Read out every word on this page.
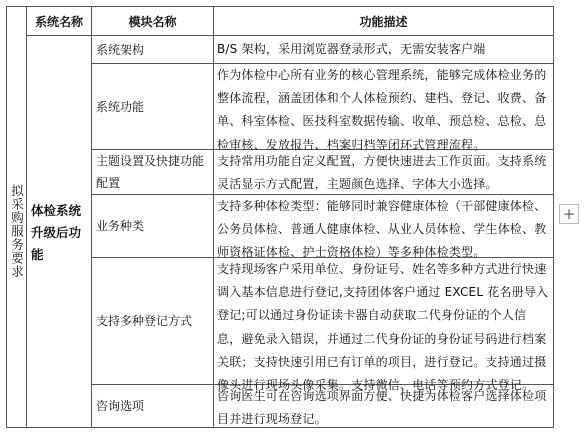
系统名称	模块名称	功能描述
拟采购服务要求 体检系统升级后功能
系统架构
系统功能
主题设置及快捷功能配置
业务种类
支持多种登记方式
咨询选项
B/S 架构，采用浏览器登录形式，无需安装客户端
作为体检中心所有业务的核心管理系统，能够完成体检业务的整体流程，涵盖团体和个人体检预约、建档、登记、收费、备单、科室体检、医技科室数据传输、收单、预总检、总检、总检审核、发放报告、档案归档等闭环式管理流程。
支持常用功能自定义配置，方便快速进去工作页面。支持系统灵活显示方式配置，主题颜色选择、字体大小选择。
支持多种体检类型：能够同时兼容健康体检（干部健康体检、公务员体检、普通人健康体检、从业人员体检、学生体检、教师资格证体检、护士资格体检）等多种体检类型。
支持现场客户采用单位、身份证号、姓名等多种方式进行快速调入基本信息进行登记,支持团体客户通过 EXCEL 花名册导入登记;可以通过身份证读卡器自动获取二代身份证的个人信息，避免录入错误，并通过二代身份证的身份证号码进行档案关联；支持快速引用已有订单的项目，进行登记。支持通过摄像头进行现场头像采集。支持微信、电话等预约方式登记。
咨询医生可在咨询选项界面方便、快捷为体检客户选择体检项目并进行现场登记。
+
